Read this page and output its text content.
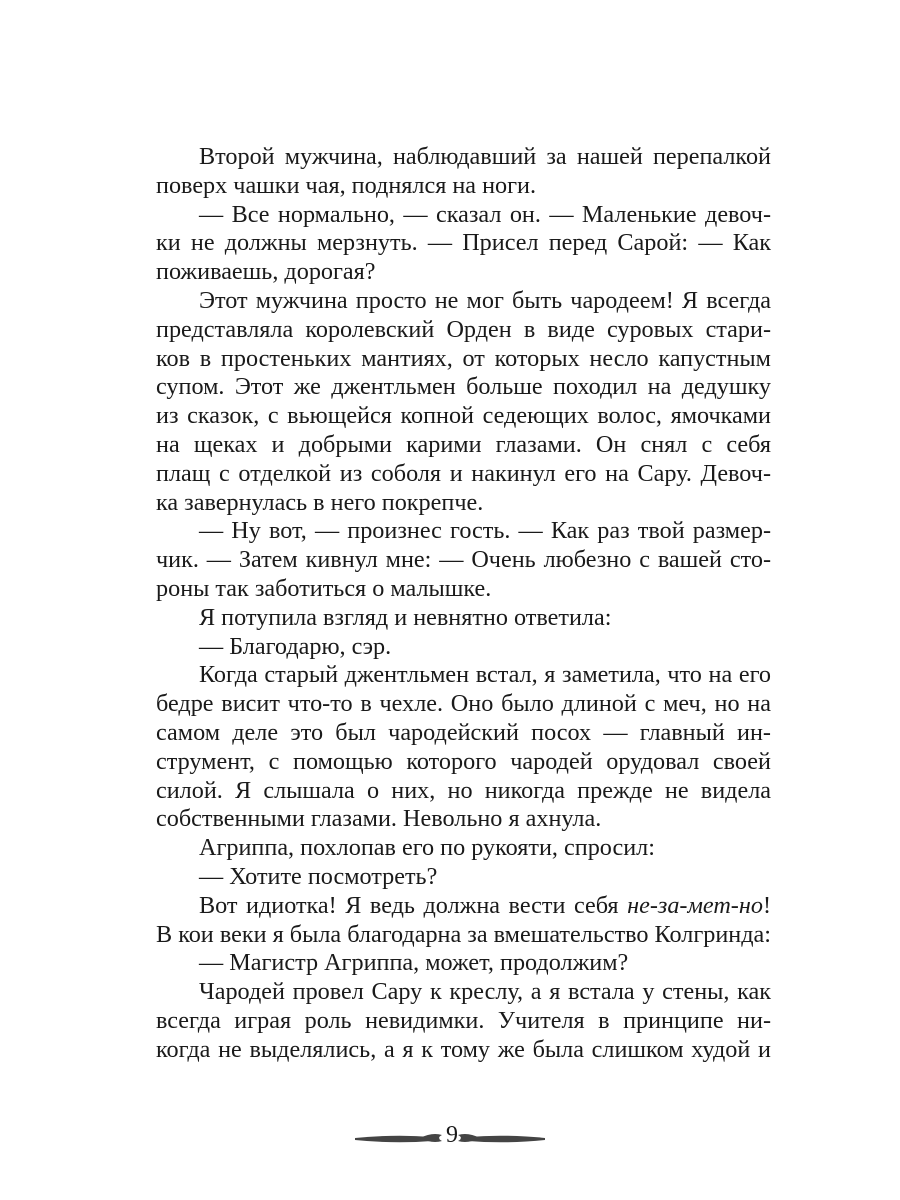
Второй мужчина, наблюдавший за нашей перепалкой
поверх чашки чая, поднялся на ноги.
— Все нормально, — сказал он. — Маленькие девоч-
ки не должны мерзнуть. — Присел перед Сарой: — Как
поживаешь, дорогая?
Этот мужчина просто не мог быть чародеем! Я всегда
представляла королевский Орден в виде суровых стари-
ков в простеньких мантиях, от которых несло капустным
супом. Этот же джентльмен больше походил на дедушку
из сказок, с вьющейся копной седеющих волос, ямочками
на щеках и добрыми карими глазами. Он снял с себя
плащ с отделкой из соболя и накинул его на Сару. Девоч-
ка завернулась в него покрепче.
— Ну вот, — произнес гость. — Как раз твой размер-
чик. — Затем кивнул мне: — Очень любезно с вашей сто-
роны так заботиться о малышке.
Я потупила взгляд и невнятно ответила:
— Благодарю, сэр.
Когда старый джентльмен встал, я заметила, что на его
бедре висит что-то в чехле. Оно было длиной с меч, но на
самом деле это был чародейский посох — главный ин-
струмент, с помощью которого чародей орудовал своей
силой. Я слышала о них, но никогда прежде не видела
собственными глазами. Невольно я ахнула.
Агриппа, похлопав его по рукояти, спросил:
— Хотите посмотреть?
Вот идиотка! Я ведь должна вести себя не-за-мет-но!
В кои веки я была благодарна за вмешательство Колгринда:
— Магистр Агриппа, может, продолжим?
Чародей провел Сару к креслу, а я встала у стены, как
всегда играя роль невидимки. Учителя в принципе ни-
когда не выделялись, а я к тому же была слишком худой и
9
